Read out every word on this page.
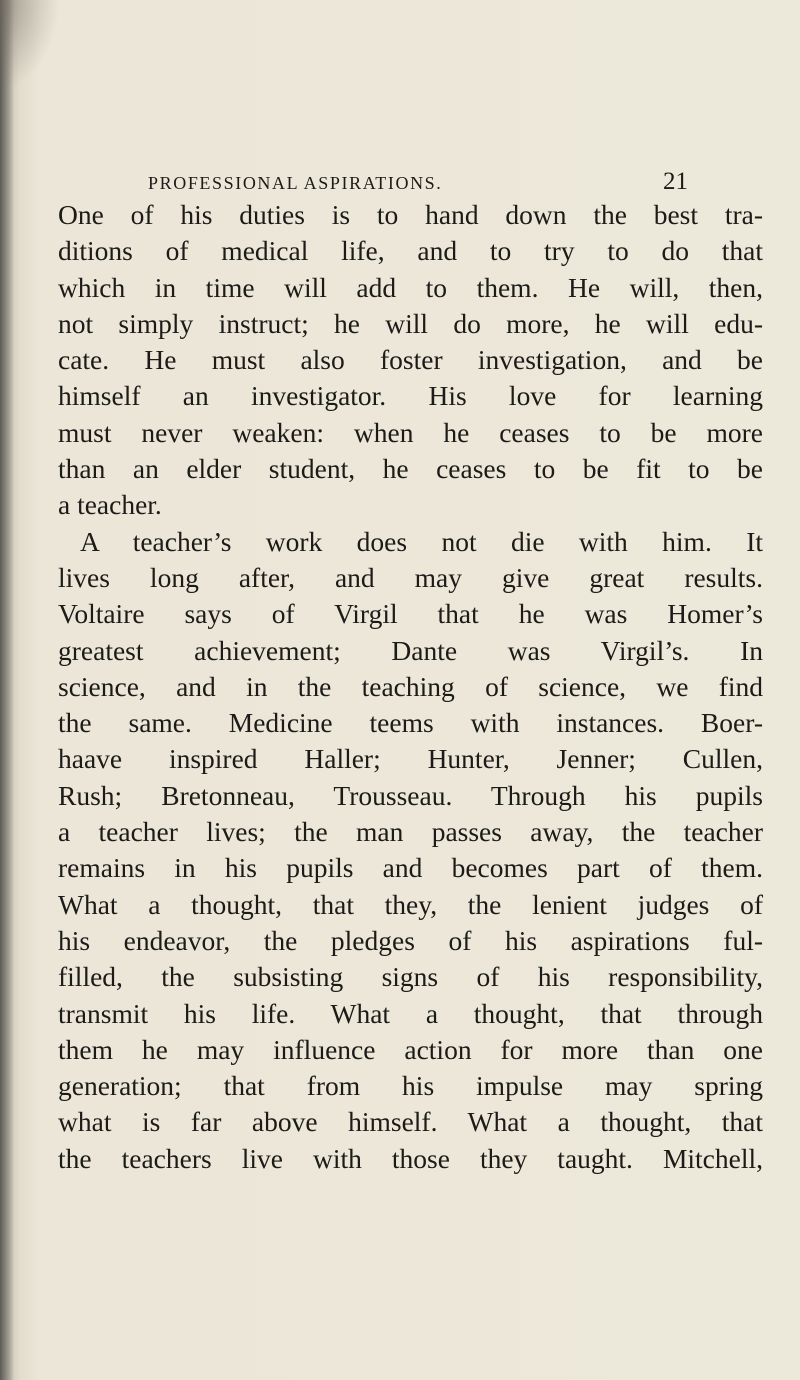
PROFESSIONAL ASPIRATIONS.	21
One of his duties is to hand down the best tra-
ditions of medical life, and to try to do that
which in time will add to them. He will, then,
not simply instruct; he will do more, he will edu-
cate. He must also foster investigation, and be
himself an investigator. His love for learning
must never weaken: when he ceases to be more
than an elder student, he ceases to be fit to be
a teacher.
A teacher’s work does not die with him. It
lives long after, and may give great results.
Voltaire says of Virgil that he was Homer’s
greatest achievement; Dante was Virgil’s. In
science, and in the teaching of science, we find
the same. Medicine teems with instances. Boer-
haave inspired Haller; Hunter, Jenner; Cullen,
Rush; Bretonneau, Trousseau. Through his pupils
a teacher lives; the man passes away, the teacher
remains in his pupils and becomes part of them.
What a thought, that they, the lenient judges of
his endeavor, the pledges of his aspirations ful-
filled, the subsisting signs of his responsibility,
transmit his life. What a thought, that through
them he may influence action for more than one
generation; that from his impulse may spring
what is far above himself. What a thought, that
the teachers live with those they taught. Mitchell,
